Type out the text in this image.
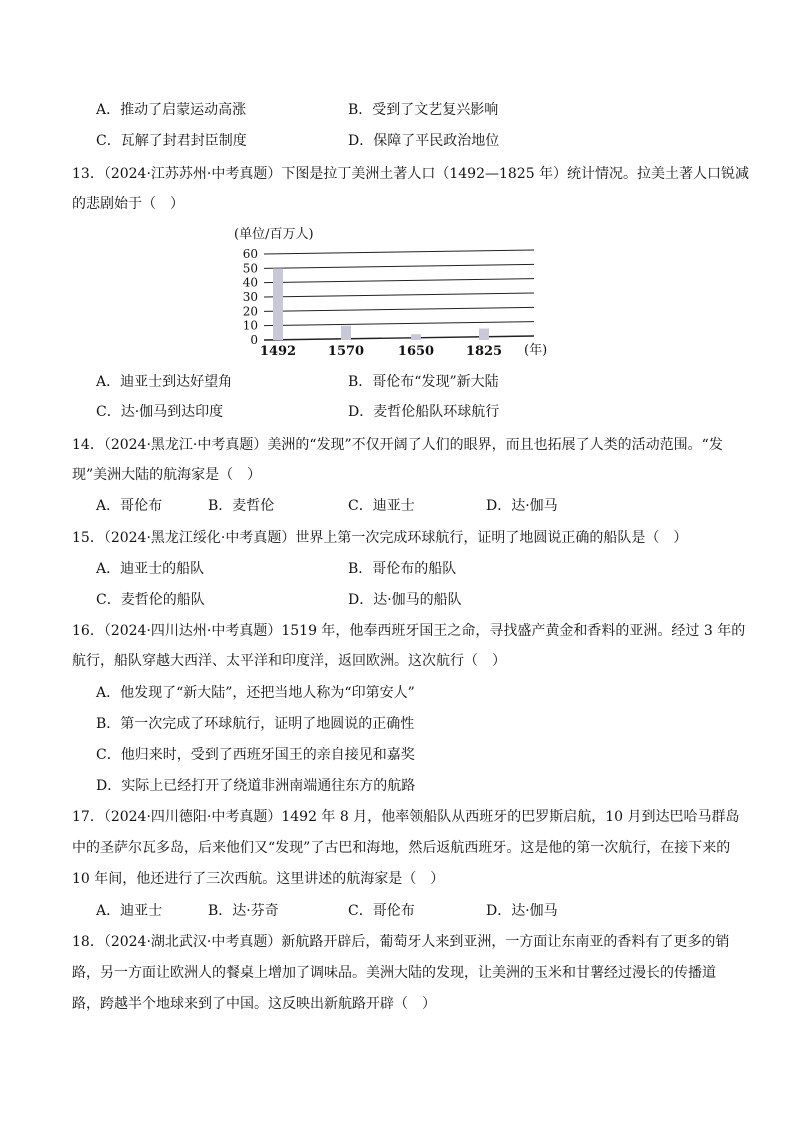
A．推动了启蒙运动高涨	B．受到了文艺复兴影响
C．瓦解了封君封臣制度	D．保障了平民政治地位
13．（2024·江苏苏州·中考真题）下图是拉丁美洲土著人口（1492—1825 年）统计情况。拉美土著人口锐减
的悲剧始于（　）
(单位/百万人)
(年)
0
10
20
30
40
50
60
1492 1570	1650 1825
A．迪亚士到达好望角	B．哥伦布“发现”新大陆
C．达·伽马到达印度	D．麦哲伦船队环球航行
14．（2024·黑龙江·中考真题）美洲的“发现”不仅开阔了人们的眼界，而且也拓展了人类的活动范围。“发
现”美洲大陆的航海家是（　）
A．哥伦布	B．麦哲伦	C．迪亚士	D．达·伽马
15．（2024·黑龙江绥化·中考真题）世界上第一次完成环球航行，证明了地圆说正确的船队是（　）
A．迪亚士的船队	B．哥伦布的船队
C．麦哲伦的船队	D．达·伽马的船队
16．（2024·四川达州·中考真题）1519 年，他奉西班牙国王之命，寻找盛产黄金和香料的亚洲。经过 3 年的
航行，船队穿越大西洋、太平洋和印度洋，返回欧洲。这次航行（　）
A．他发现了“新大陆”，还把当地人称为“印第安人”
B．第一次完成了环球航行，证明了地圆说的正确性
C．他归来时，受到了西班牙国王的亲自接见和嘉奖
D．实际上已经打开了绕道非洲南端通往东方的航路
17．（2024·四川德阳·中考真题）1492 年 8 月，他率领船队从西班牙的巴罗斯启航，10 月到达巴哈马群岛
中的圣萨尔瓦多岛，后来他们又“发现”了古巴和海地，然后返航西班牙。这是他的第一次航行，在接下来的
10 年间，他还进行了三次西航。这里讲述的航海家是（　）
A．迪亚士	B．达·芬奇	C．哥伦布	D．达·伽马
18．（2024·湖北武汉·中考真题）新航路开辟后，葡萄牙人来到亚洲，一方面让东南亚的香料有了更多的销
路，另一方面让欧洲人的餐桌上增加了调味品。美洲大陆的发现，让美洲的玉米和甘薯经过漫长的传播道
路，跨越半个地球来到了中国。这反映出新航路开辟（　）
